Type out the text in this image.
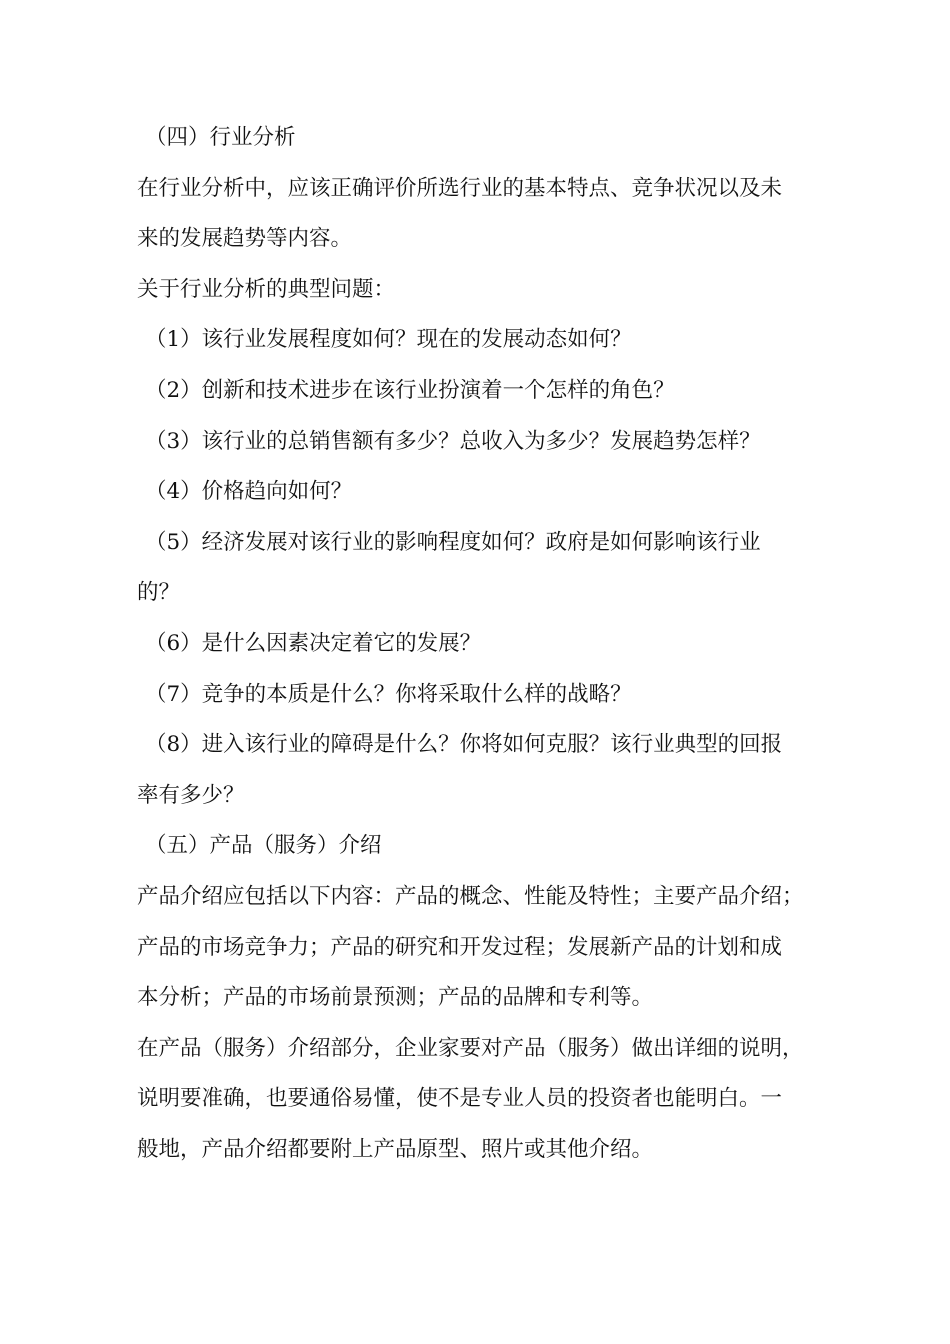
（四）行业分析
在行业分析中，应该正确评价所选行业的基本特点、竞争状况以及未
来的发展趋势等内容。
关于行业分析的典型问题：
（1）该行业发展程度如何？现在的发展动态如何？
（2）创新和技术进步在该行业扮演着一个怎样的角色？
（3）该行业的总销售额有多少？总收入为多少？发展趋势怎样？
（4）价格趋向如何？
（5）经济发展对该行业的影响程度如何？政府是如何影响该行业
的？
（6）是什么因素决定着它的发展？
（7）竞争的本质是什么？你将采取什么样的战略？
（8）进入该行业的障碍是什么？你将如何克服？该行业典型的回报
率有多少？
（五）产品（服务）介绍
产品介绍应包括以下内容：产品的概念、性能及特性；主要产品介绍；
产品的市场竞争力；产品的研究和开发过程；发展新产品的计划和成
本分析；产品的市场前景预测；产品的品牌和专利等。
在产品（服务）介绍部分，企业家要对产品（服务）做出详细的说明，
说明要准确，也要通俗易懂，使不是专业人员的投资者也能明白。一
般地，产品介绍都要附上产品原型、照片或其他介绍。
